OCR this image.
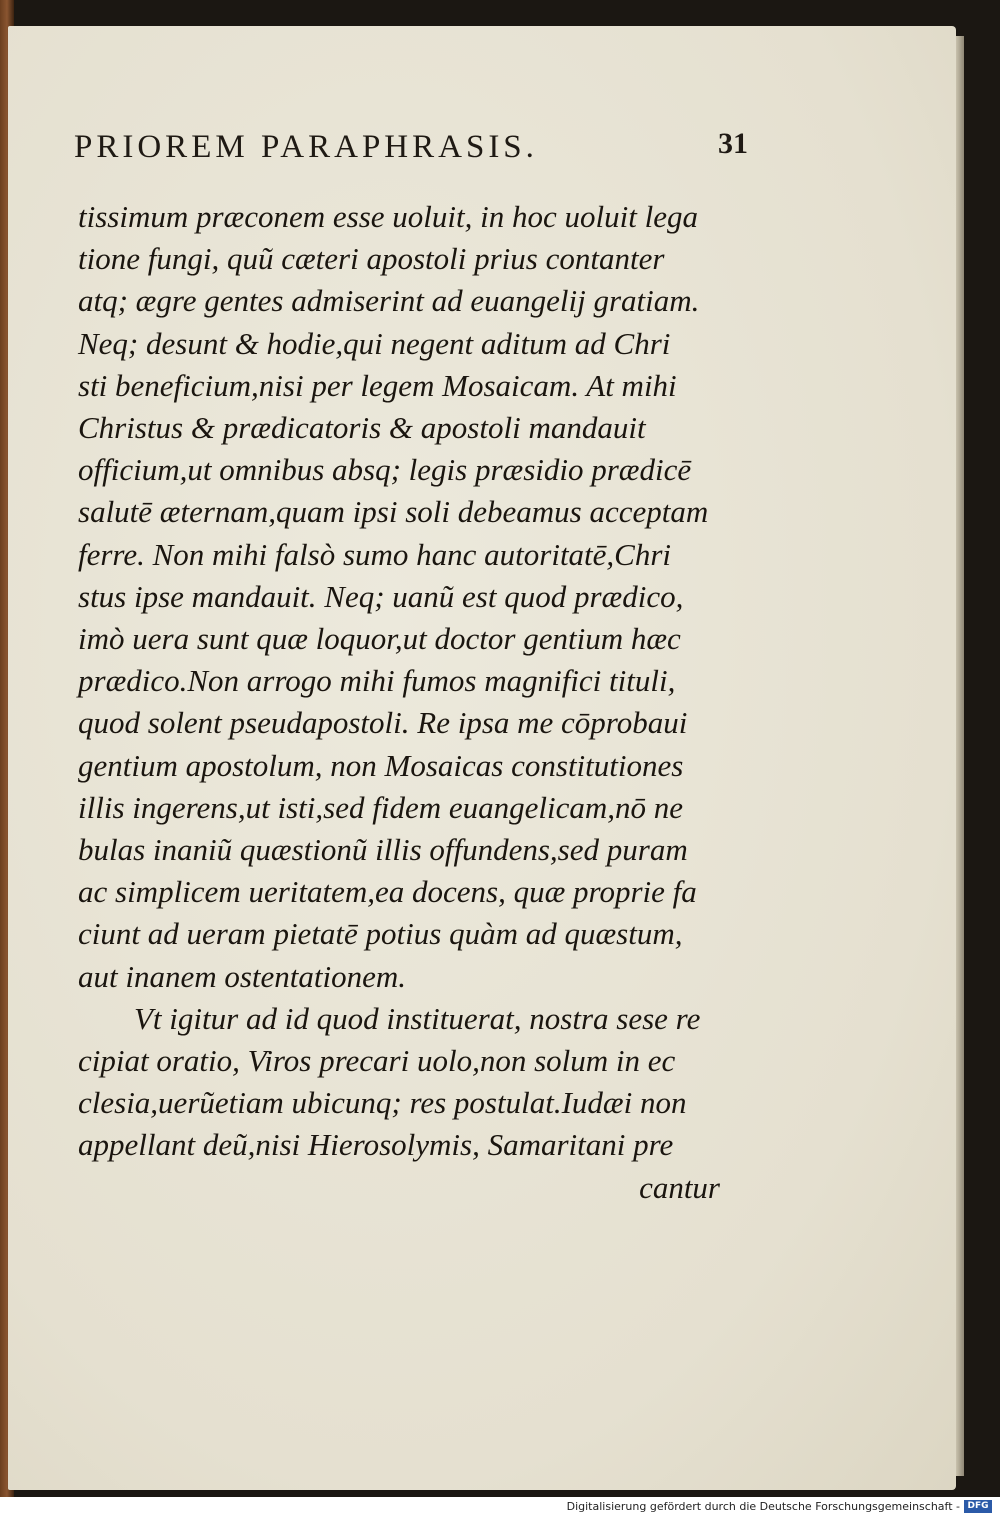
PRIOREM PARAPHRASIS.	31
tissimum præconem esse uoluit, in hoc uoluit lega
tione fungi, quũ cæteri apostoli prius contanter
atq; ægre gentes admiserint ad euangelij gratiam.
Neq; desunt & hodie,qui negent aditum ad Chri
sti beneficium,nisi per legem Mosaicam. At mihi
Christus & prædicatoris & apostoli mandauit
officium,ut omnibus absq; legis præsidio prædicē
salutē æternam,quam ipsi soli debeamus acceptam
ferre. Non mihi falsò sumo hanc autoritatē,Chri
stus ipse mandauit. Neq; uanũ est quod prædico,
imò uera sunt quæ loquor,ut doctor gentium hæc
prædico.Non arrogo mihi fumos magnifici tituli,
quod solent pseudapostoli. Re ipsa me cōprobaui
gentium apostolum, non Mosaicas constitutiones
illis ingerens,ut isti,sed fidem euangelicam,nō ne
bulas inaniũ quæstionũ illis offundens,sed puram
ac simplicem ueritatem,ea docens, quæ proprie fa
ciunt ad ueram pietatē potius quàm ad quæstum,
aut inanem ostentationem.
Vt igitur ad id quod instituerat, nostra sese re
cipiat oratio, Viros precari uolo,non solum in ec
clesia,uerũetiam ubicunq; res postulat.Iudæi non
appellant deũ,nisi Hierosolymis, Samaritani pre
cantur
Digitalisierung gefördert durch die Deutsche Forschungsgemeinschaft - DFG
